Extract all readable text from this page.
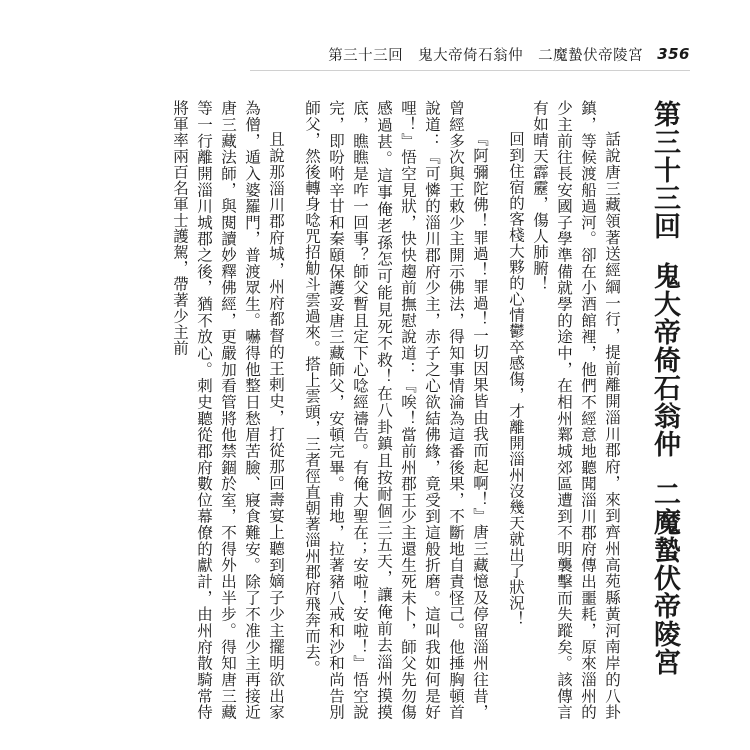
第三十三回　鬼大帝倚石翁仲　二魔蟄伏帝陵宮 356
第三十三回鬼大帝倚石翁仲二魔蟄伏帝陵宮

話說唐三藏領著送經綱一行，提前離開淄川郡府，來到齊州高苑縣黃河南岸的八卦鎮，等候渡船過河。卻在小酒館裡，他們不經意地聽聞淄川郡府傳出噩耗，原來淄州的少主前往長安國子學準備就學的途中，在相州鄴城郊區遭到不明襲擊而失蹤矣。該傳言有如晴天霹靂，傷人肺腑！

回到住宿的客棧大夥的心情鬱卒感傷，才離開淄州沒幾天就出了狀況！

『阿彌陀佛！罪過！罪過！一切因果皆由我而起啊！』唐三藏憶及停留淄州往昔，曾經多次與王敕少主開示佛法，得知事情淪為這番後果，不斷地自責怪己。他捶胸頓首說道：『可憐的淄川郡府少主，赤子之心欲結佛緣，竟受到這般折磨。這叫我如何是好哩！』悟空見狀，快快趨前撫慰說道：『唉！當前州郡王少主還生死未卜，師父先勿傷感過甚。這事俺老孫怎可能見死不救！在八卦鎮且按耐個三五天，讓俺前去淄州摸摸底，瞧瞧是咋一回事？師父暫且定下心唸經禱告。有俺大聖在；安啦！安啦！』悟空說完，即吩咐辛甘和秦頤保護妥唐三藏師父，安頓完畢。甫地，拉著豬八戒和沙和尚告別師父，然後轉身唸咒招觔斗雲過來。搭上雲頭，三者徑直朝著淄州郡府飛奔而去。

且說那淄川郡府城，州府都督的王剌史，打從那回壽宴上聽到嫡子少主擺明欲出家為僧，遁入婆羅門，普渡眾生。嚇得他整日愁眉苦臉、寢食難安。除了不准少主再接近唐三藏法師，與閱讀妙釋佛經，更嚴加看管將他禁錮於室，不得外出半步。得知唐三藏等一行離開淄川城郡之後，猶不放心。刺史聽從郡府數位幕僚的獻計，由州府散騎常侍將軍率兩百名軍士護駕，帶著少主前
